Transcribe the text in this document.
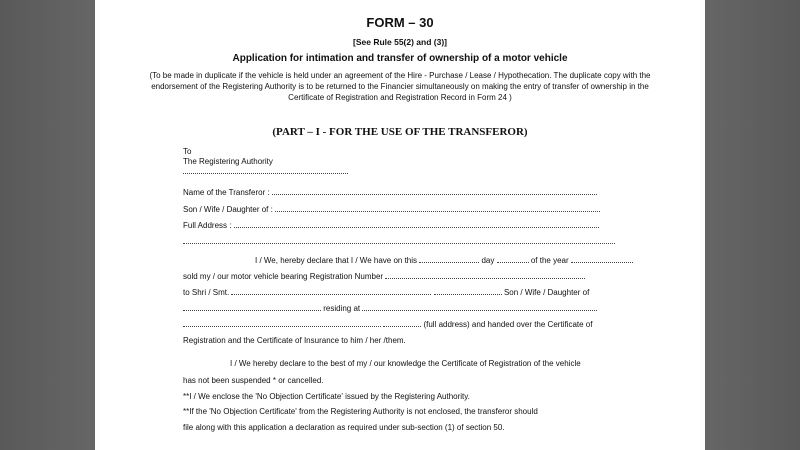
FORM – 30
[See Rule 55(2) and (3)]
Application for intimation and transfer of ownership of a motor vehicle
(To be made in duplicate if the vehicle is held under an agreement of the Hire - Purchase / Lease / Hypothecation. The duplicate copy with the endorsement of the Registering Authority is to be returned to the Financier simultaneously on making the entry of transfer of ownership in the Certificate of Registration and Registration Record in Form 24 )
(PART – I - FOR THE USE OF THE TRANSFEROR)
To
The Registering Authority
Name of the Transferor :
Son / Wife / Daughter of :
Full Address :
I / We, hereby declare that I / We have on this	day	of the year
sold my / our motor vehicle bearing Registration Number
to Shri / Smt.	Son / Wife / Daughter of
residing at
(full address) and handed over the Certificate of
Registration and the Certificate of Insurance to him / her /them.
I / We hereby declare to the best of my / our knowledge the Certificate of Registration of the vehicle
has not been suspended * or cancelled.
**I / We enclose the 'No Objection Certificate' issued by the Registering Authority.
**If the 'No Objection Certificate' from the Registering Authority is not enclosed, the transferor should
file along with this application a declaration as required under sub-section (1) of section 50.
